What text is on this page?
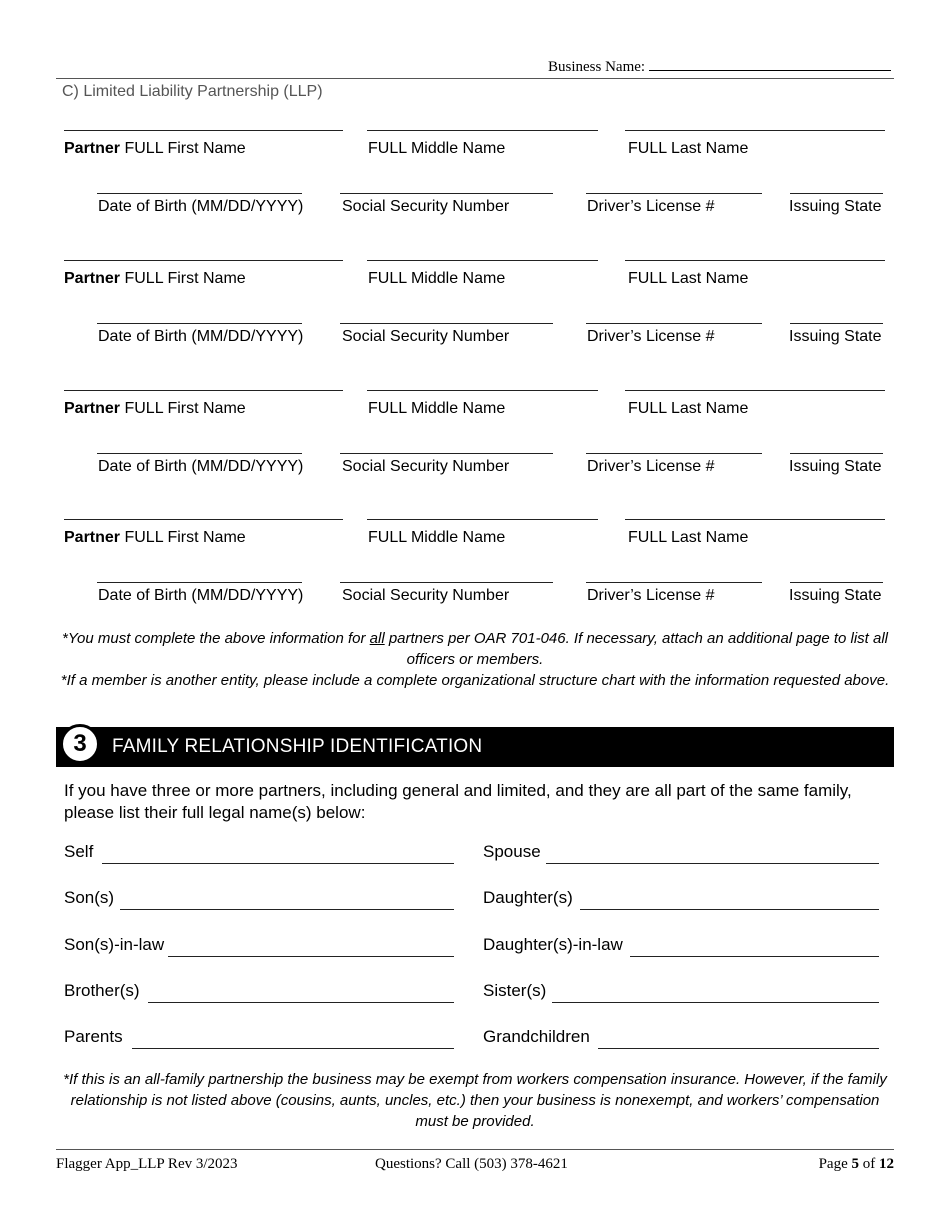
Business Name:
C) Limited Liability Partnership (LLP)
Partner FULL First Name	FULL Middle Name	FULL Last Name
Date of Birth (MM/DD/YYYY) Social Security Number	Driver’s License #	Issuing State
Partner FULL First Name	FULL Middle Name	FULL Last Name
Date of Birth (MM/DD/YYYY) Social Security Number	Driver’s License #	Issuing State
Partner FULL First Name	FULL Middle Name	FULL Last Name
Date of Birth (MM/DD/YYYY) Social Security Number	Driver’s License #	Issuing State
Partner FULL First Name	FULL Middle Name	FULL Last Name
Date of Birth (MM/DD/YYYY) Social Security Number	Driver’s License #	Issuing State
*You must complete the above information for all partners per OAR 701-046. If necessary, attach an additional page to list all officers or members.
*If a member is another entity, please include a complete organizational structure chart with the information requested above.
3	FAMILY RELATIONSHIP IDENTIFICATION
If you have three or more partners, including general and limited, and they are all part of the same family, please list their full legal name(s) below:
Self	Spouse
Son(s)	Daughter(s)
Son(s)-in-law	Daughter(s)-in-law
Brother(s)	Sister(s)
Parents	Grandchildren
*If this is an all-family partnership the business may be exempt from workers compensation insurance. However, if the family relationship is not listed above (cousins, aunts, uncles, etc.) then your business is nonexempt, and workers’ compensation must be provided.
Flagger App_LLP Rev 3/2023	Questions? Call (503) 378-4621	Page 5 of 12
